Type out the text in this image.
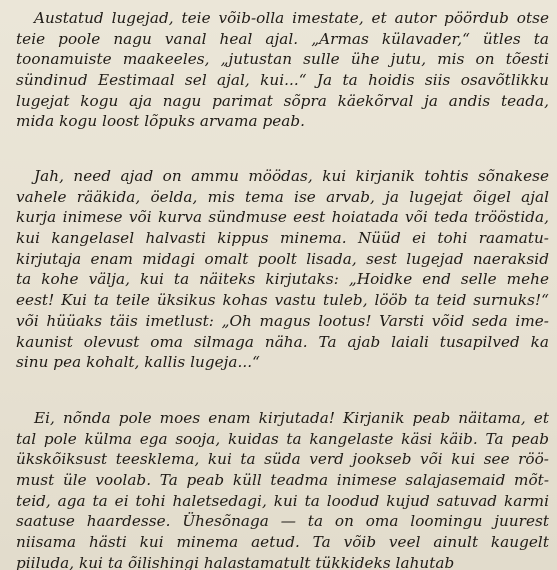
Austatud lugejad, teie võib-olla imestate, et autor pöördub otse
teie poole nagu vanal heal ajal. „Armas külavader,“ ütles ta
toonamuiste maakeeles, „jutustan sulle ühe jutu, mis on tõesti
sündinud Eestimaal sel ajal, kui...“ Ja ta hoidis siis osavõtlikku
lugejat kogu aja nagu parimat sõpra käekõrval ja andis teada,
mida kogu loost lõpuks arvama peab.
Jah, need ajad on ammu möödas, kui kirjanik tohtis sõnakese
vahele rääkida, öelda, mis tema ise arvab, ja lugejat õigel ajal
kurja inimese või kurva sündmuse eest hoiatada või teda trööstida,
kui kangelasel halvasti kippus minema. Nüüd ei tohi raamatu-
kirjutaja enam midagi omalt poolt lisada, sest lugejad naeraksid
ta kohe välja, kui ta näiteks kirjutaks: „Hoidke end selle mehe
eest! Kui ta teile üksikus kohas vastu tuleb, lööb ta teid surnuks!“
või hüüaks täis imetlust: „Oh magus lootus! Varsti võid seda ime-
kaunist olevust oma silmaga näha. Ta ajab laiali tusapilved ka
sinu pea kohalt, kallis lugeja...“
Ei, nõnda pole moes enam kirjutada! Kirjanik peab näitama, et
tal pole külma ega sooja, kuidas ta kangelaste käsi käib. Ta peab
ükskõiksust teesklema, kui ta süda verd jookseb või kui see röö-
must üle voolab. Ta peab küll teadma inimese salajasemaid mõt-
teid, aga ta ei tohi haletsedagi, kui ta loodud kujud satuvad karmi
saatuse haardesse. Ühesõnaga — ta on oma loomingu juurest
niisama hästi kui minema aetud. Ta võib veel ainult kaugelt
piiluda, kui ta õilishingi halastamatult tükkideks lahutab
